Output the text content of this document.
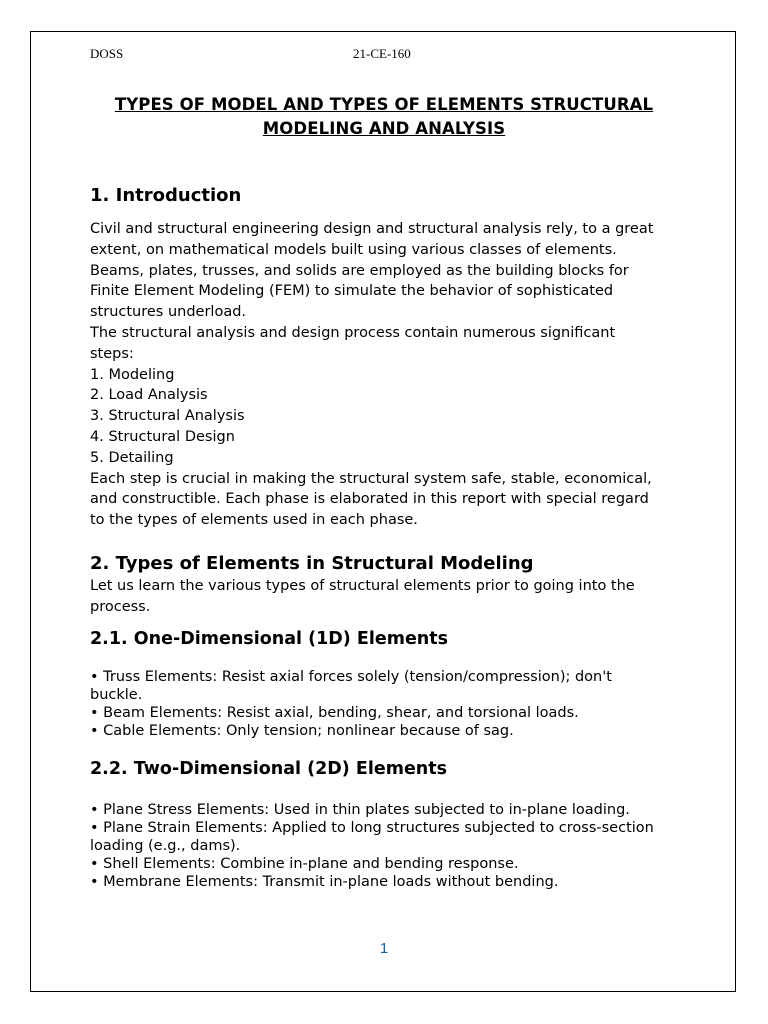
DOSS	21-CE-160
TYPES OF MODEL AND TYPES OF ELEMENTS STRUCTURAL
MODELING AND ANALYSIS
1. Introduction
Civil and structural engineering design and structural analysis rely, to a great
extent, on mathematical models built using various classes of elements.
Beams, plates, trusses, and solids are employed as the building blocks for
Finite Element Modeling (FEM) to simulate the behavior of sophisticated
structures underload.
The structural analysis and design process contain numerous significant
steps:
1. Modeling
2. Load Analysis
3. Structural Analysis
4. Structural Design
5. Detailing
Each step is crucial in making the structural system safe, stable, economical,
and constructible. Each phase is elaborated in this report with special regard
to the types of elements used in each phase.
2. Types of Elements in Structural Modeling
Let us learn the various types of structural elements prior to going into the
process.
2.1. One-Dimensional (1D) Elements
• Truss Elements: Resist axial forces solely (tension/compression); don't
buckle.
• Beam Elements: Resist axial, bending, shear, and torsional loads.
• Cable Elements: Only tension; nonlinear because of sag.
2.2. Two-Dimensional (2D) Elements
• Plane Stress Elements: Used in thin plates subjected to in-plane loading.
• Plane Strain Elements: Applied to long structures subjected to cross-section
loading (e.g., dams).
• Shell Elements: Combine in-plane and bending response.
• Membrane Elements: Transmit in-plane loads without bending.
1
